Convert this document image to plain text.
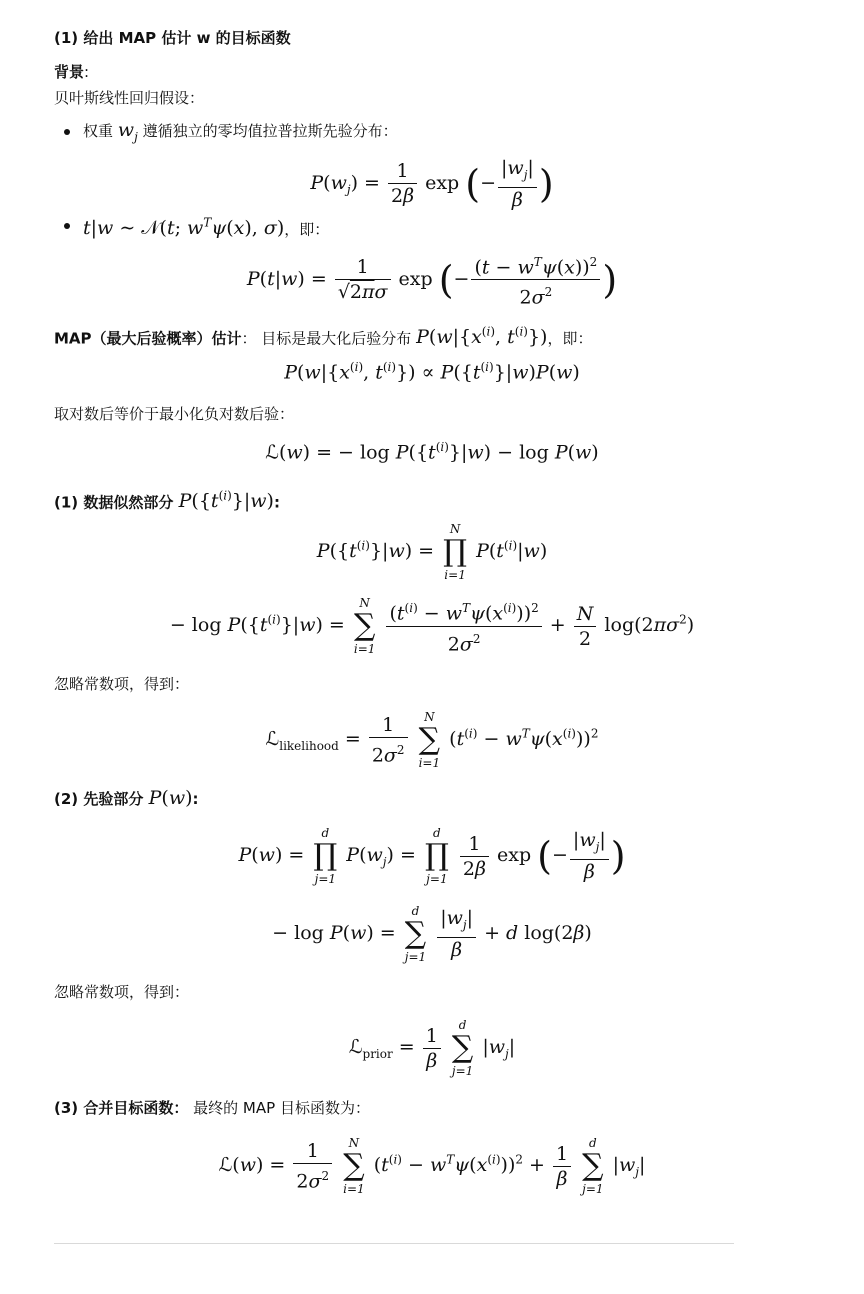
(1) 给出 MAP 估计 w 的目标函数
背景:
贝叶斯线性回归假设：
权重 $w_j$ 遵循独立的零均值拉普拉斯先验分布：
$P(w_j) = \frac{1}{2\beta}$ exp (− $\frac{|w_j|}{\beta}$ )
t|w ∼ 𝒩(t; $w^T\psi(x)$, σ)，即：
$P(t|w) = \frac{1}{√2\pi\sigma}$ exp (− $\frac{(t - w^T\psi(x))^2}{2\sigma^2}$ )
MAP（最大后验概率）估计： 目标是最大化后验分布 $P(w|\{x^{(i)}$, $t^{(i)}$})，即：
$P(w|\{x^{(i)}$, $t^{(i)}\}) \propto P(\{t^{(i)}\}|w)P(w)$
取对数后等价于最小化负对数后验：
ℒ(w) = − $\log P(\{t^{(i)}\}|w) - \log P(w)$
(1) 数据似然部分 $P(\{t^{(i)}\}|w)$:
$P(\{t^{(i)}\}|w)$ =
N
∏
i=1
$P(t^{(i)}|w)$
− $\log P(\{t^{(i)}\}|w)$ =
N
∑
i=1
$\frac{(t^{(i)} - w^T\psi(x^{(i)}))^2}{2\sigma^2} + \frac{N}{2} \log(2\pi\sigma^2)$
忽略常数项，得到：
ℒ$_{likelihood}$ = $\frac{1}{2\sigma^2}$
	N
∑
i=1
$(t^{(i)} - w^T\psi(x^{(i)}))^2$
(2) 先验部分 P(w):
P(w) =
d
∏
j=1
$P(w_j)$ =
d
∏
j=1
$\frac{1}{2\beta}$ exp (− $\frac{|w_j|}{\beta}$ )
− log P(w) =
d
∑
j=1
$\frac{|w_j|}{\beta} + d$ log(2β)
忽略常数项，得到：
ℒ$_{prior}$ = $\frac{1}{\beta}$
	d
∑
j=1
$|w_j|$
(3) 合并目标函数： 最终的 MAP 目标函数为：
ℒ(w) = $\frac{1}{2\sigma^2}$
	N
∑
i=1
$(t^{(i)} - w^T\psi(x^{(i)}))^2 + \frac{1}{\beta}$
	d
∑
j=1
$|w_j|$
